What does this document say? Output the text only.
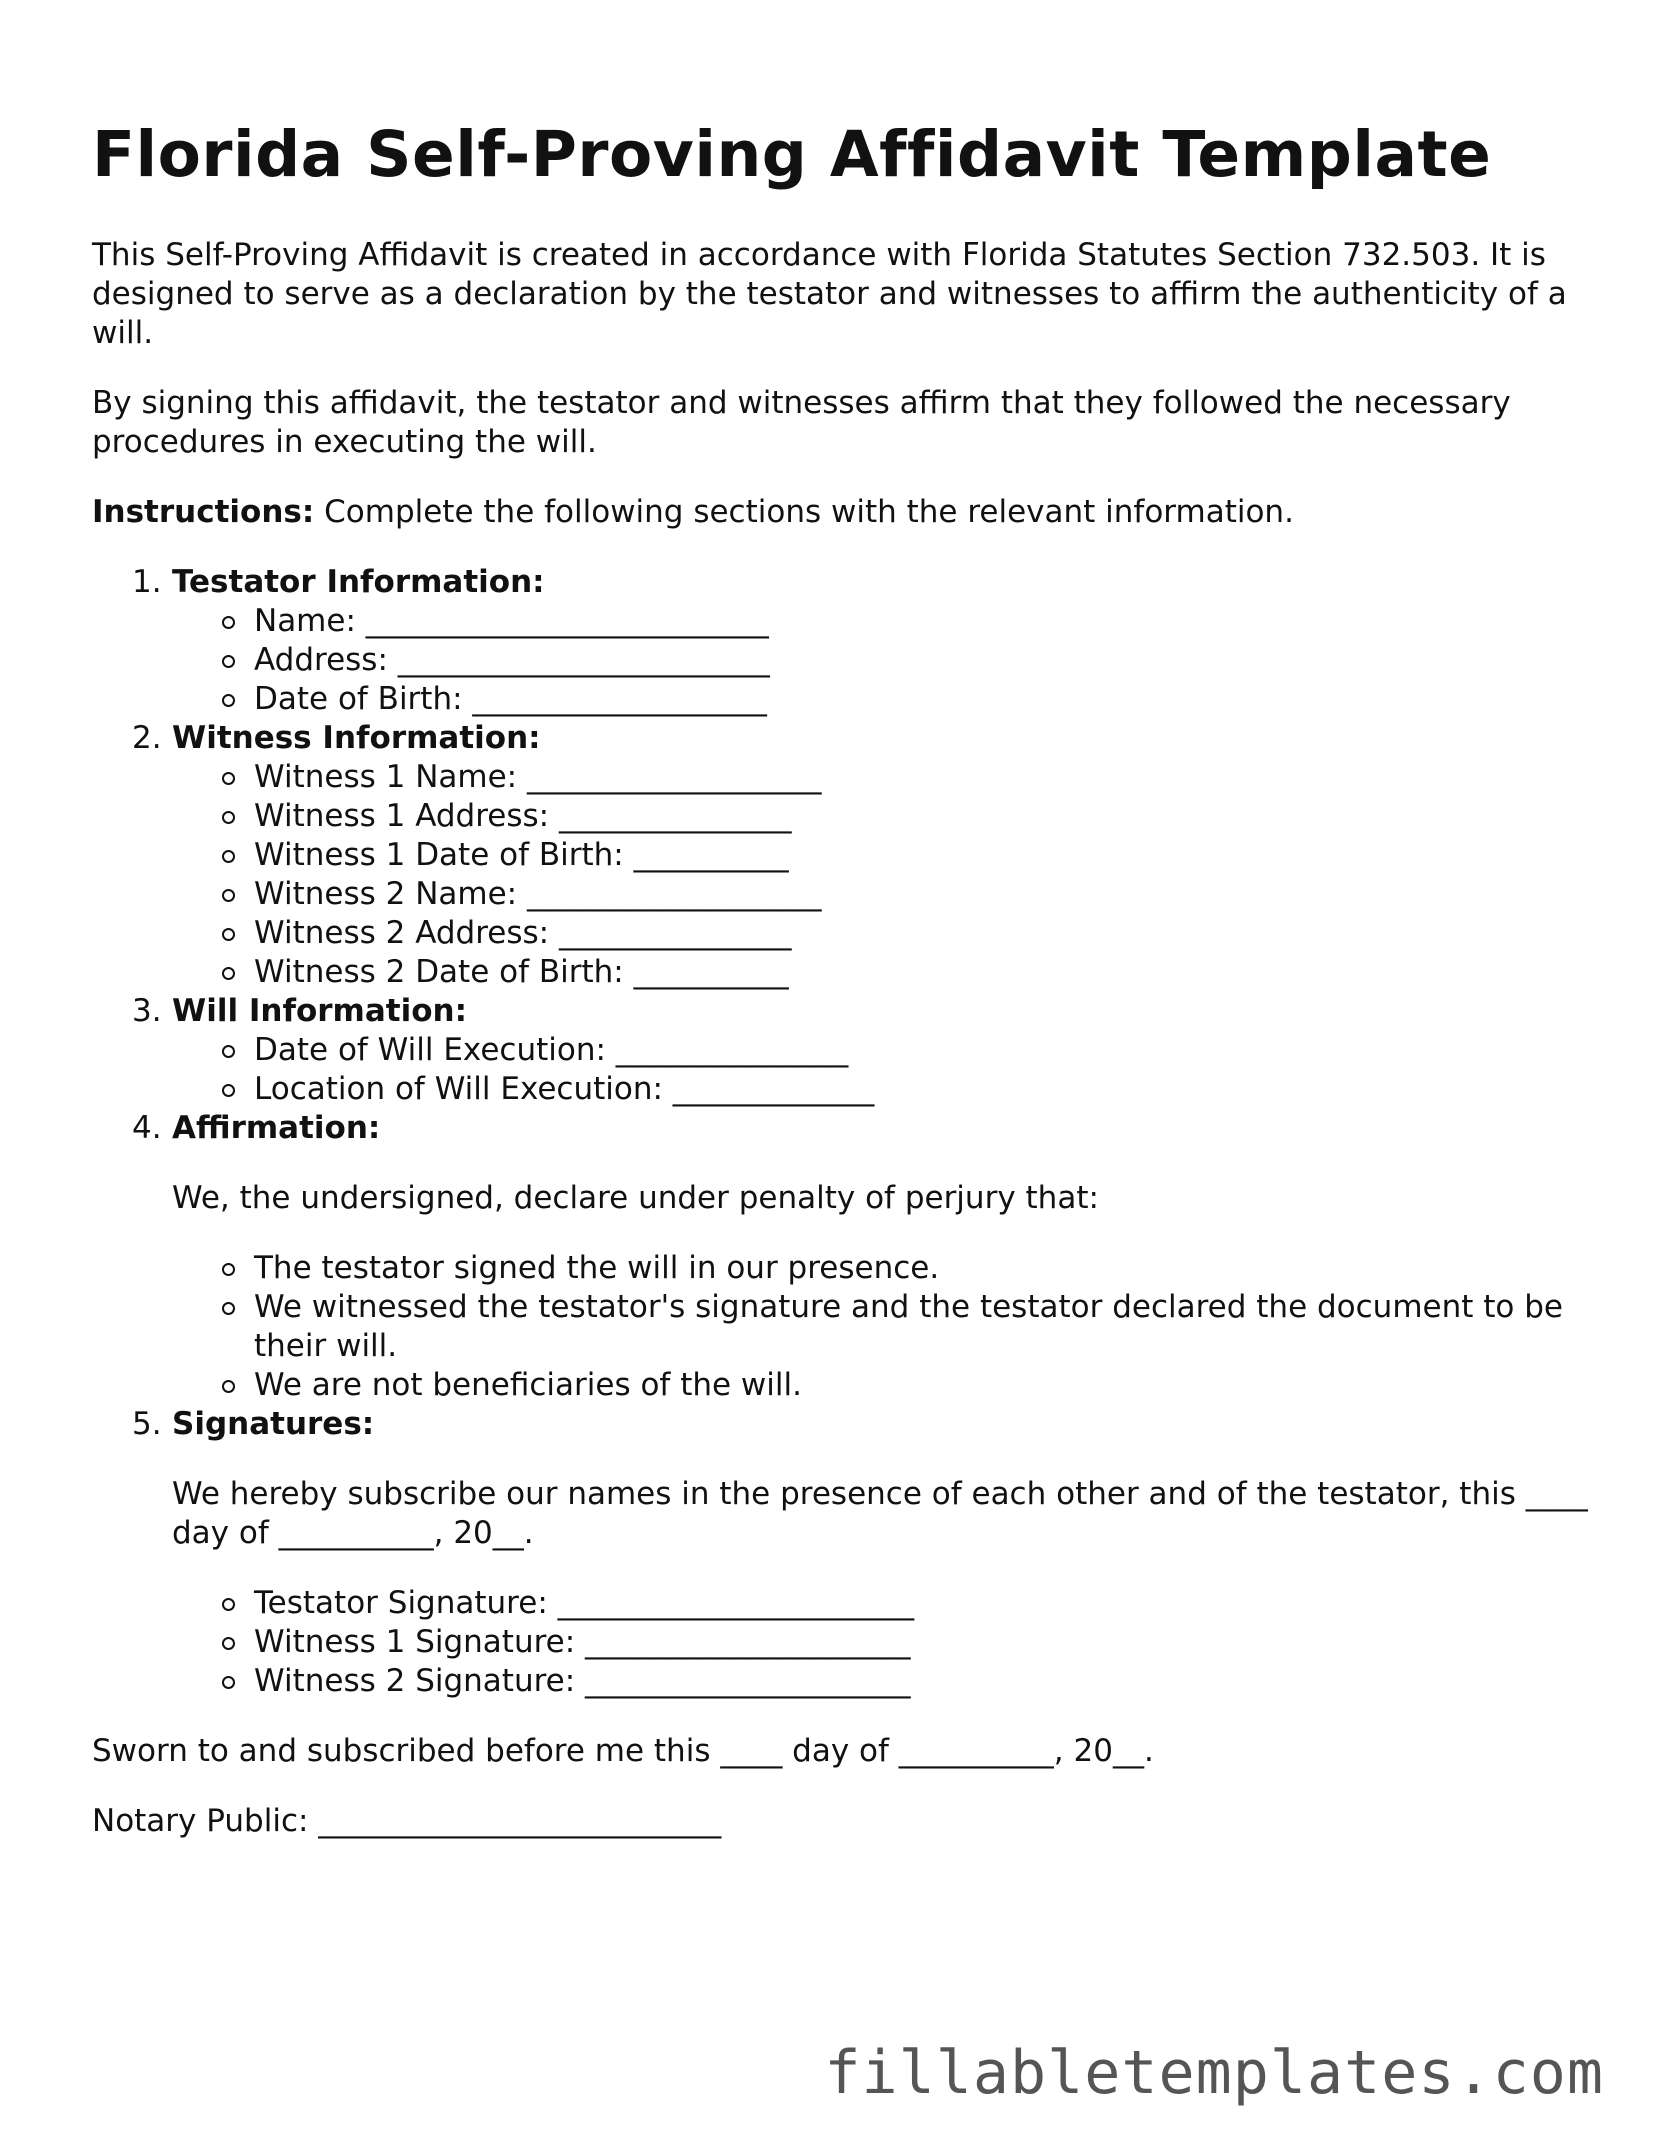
Florida Self-Proving Affidavit Template

This Self-Proving Affidavit is created in accordance with Florida Statutes Section 732.503. It is designed to serve as a declaration by the testator and witnesses to affirm the authenticity of a will.

By signing this affidavit, the testator and witnesses affirm that they followed the necessary procedures in executing the will.

Instructions: Complete the following sections with the relevant information.

Testator Information:
Name: __________________________
Address: ________________________
Date of Birth: ___________________
Witness Information:
Witness 1 Name: ___________________
Witness 1 Address: _______________
Witness 1 Date of Birth: __________
Witness 2 Name: ___________________
Witness 2 Address: _______________
Witness 2 Date of Birth: __________
Will Information:
Date of Will Execution: _______________
Location of Will Execution: _____________
Affirmation:
We, the undersigned, declare under penalty of perjury that:
The testator signed the will in our presence.
We witnessed the testator's signature and the testator declared the document to be their will.
We are not beneficiaries of the will.
Signatures:
We hereby subscribe our names in the presence of each other and of the testator, this ____ day of __________, 20__.
Testator Signature: _______________________
Witness 1 Signature: _____________________
Witness 2 Signature: _____________________

Sworn to and subscribed before me this ____ day of __________, 20__.

Notary Public: __________________________

fillabletemplates.com
